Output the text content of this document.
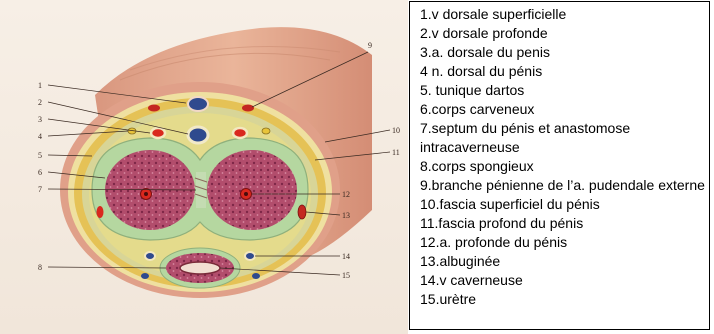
1
2
3
4
5
6
7
8
9
10
11
12
13
14
15
1.v dorsale superficielle
2.v dorsale profonde
3.a. dorsale du penis
4 n. dorsal du pénis
5. tunique dartos
6.corps carveneux
7.septum du pénis et anastomose intracaverneuse
8.corps spongieux
9.branche pénienne de l’a. pudendale externe
10.fascia superficiel du pénis
11.fascia profond du pénis
12.a. profonde du pénis
13.albuginée
14.v caverneuse
15.urètre
